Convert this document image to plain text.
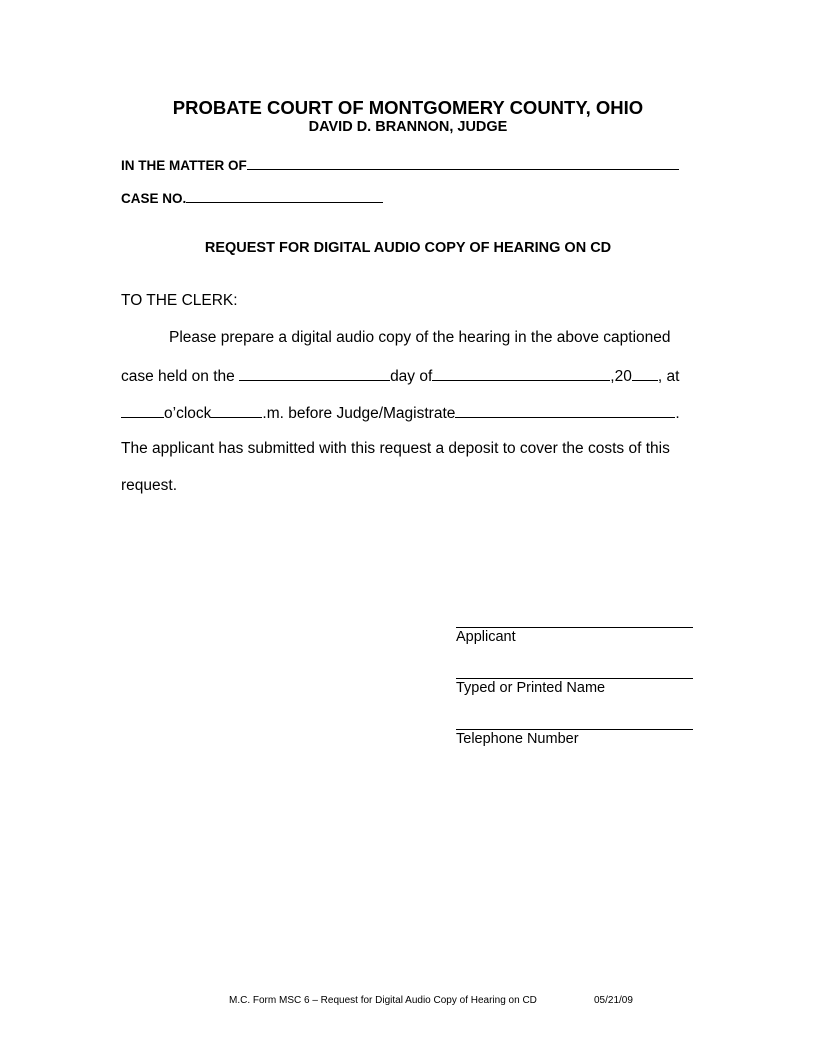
PROBATE COURT OF MONTGOMERY COUNTY, OHIO
DAVID D. BRANNON, JUDGE
IN THE MATTER OF
CASE NO.
REQUEST FOR DIGITAL AUDIO COPY OF HEARING ON CD
TO THE CLERK:
Please prepare a digital audio copy of the hearing in the above captioned
case held on the	day of	,20 , at
o’clock	.m. before Judge/Magistrate	.
The applicant has submitted with this request a deposit to cover the costs of this
request.
Applicant
Typed or Printed Name
Telephone Number
M.C. Form MSC 6 – Request for Digital Audio Copy of Hearing on CD	05/21/09
